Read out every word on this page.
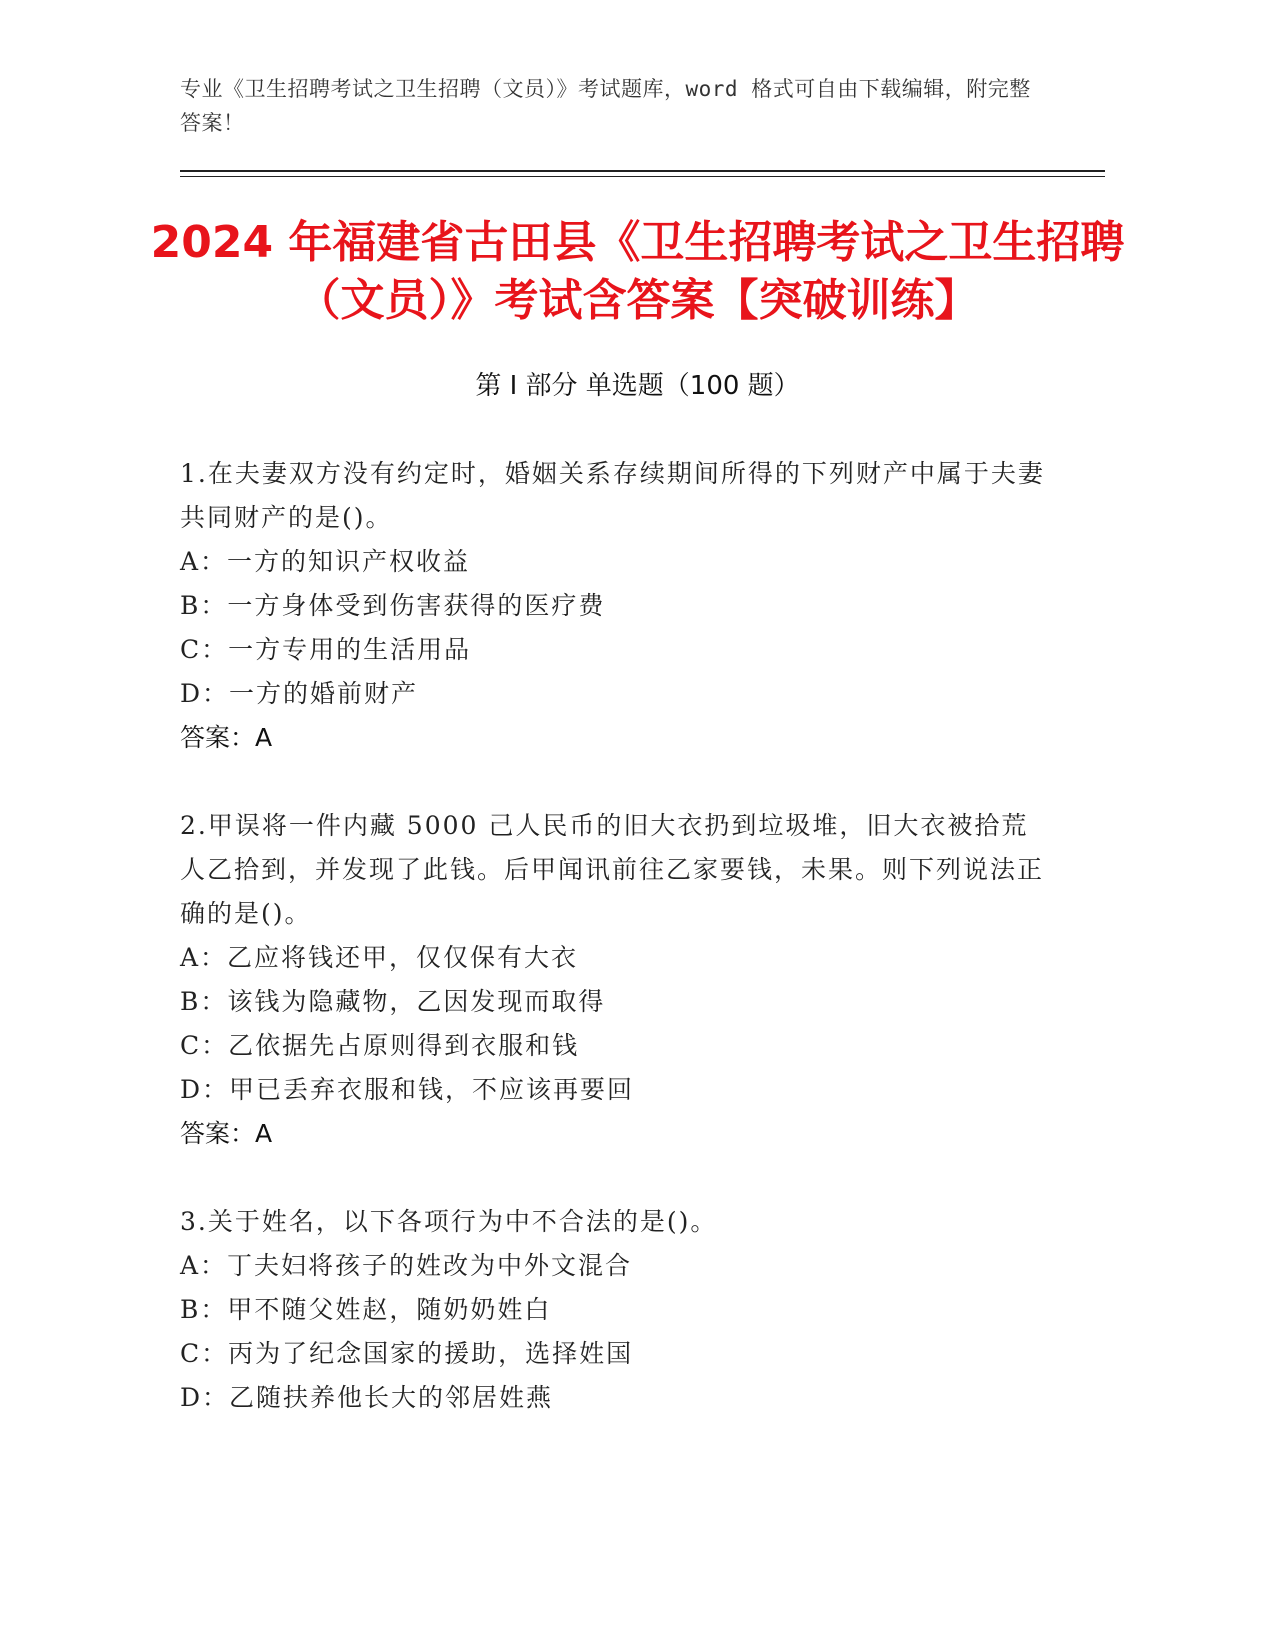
专业《卫生招聘考试之卫生招聘（文员）》考试题库，word 格式可自由下载编辑，附完整答案！
2024 年福建省古田县《卫生招聘考试之卫生招聘（文员）》考试含答案【突破训练】
第 I 部分 单选题（100 题）
1.在夫妻双方没有约定时，婚姻关系存续期间所得的下列财产中属于夫妻共同财产的是()。
A：一方的知识产权收益
B：一方身体受到伤害获得的医疗费
C：一方专用的生活用品
D：一方的婚前财产
答案：A
2.甲误将一件内藏 5000 己人民币的旧大衣扔到垃圾堆，旧大衣被拾荒人乙拾到，并发现了此钱。后甲闻讯前往乙家要钱，未果。则下列说法正确的是()。
A：乙应将钱还甲，仅仅保有大衣
B：该钱为隐藏物，乙因发现而取得
C：乙依据先占原则得到衣服和钱
D：甲已丢弃衣服和钱，不应该再要回
答案：A
3.关于姓名，以下各项行为中不合法的是()。
A：丁夫妇将孩子的姓改为中外文混合
B：甲不随父姓赵，随奶奶姓白
C：丙为了纪念国家的援助，选择姓国
D：乙随扶养他长大的邻居姓燕
